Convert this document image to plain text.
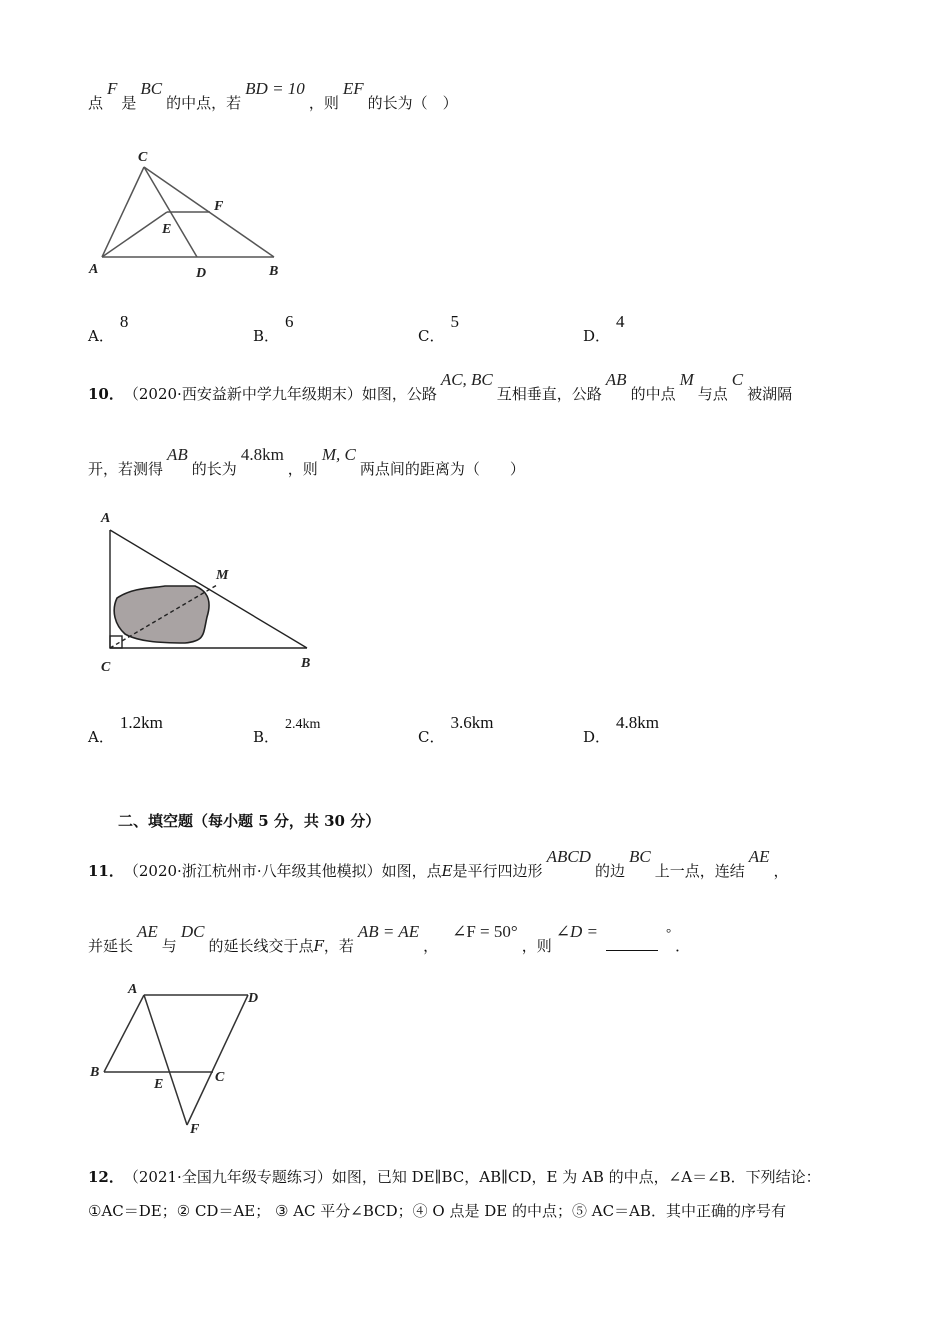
点F是BC的中点，若BD = 10，则EF的长为（　）
C
F
E
A	D	B
A．8
B．6
C．5
D．4
10．（2020·西安益新中学九年级期末）如图，公路AC, BC互相垂直，公路AB的中点M与点C被湖隔
开，若测得AB的长为4.8km，则M, C两点间的距离为（　　）
A
M
C	B
A．1.2km
B．2.4km
C．3.6km
D．4.8km
二、填空题（每小题 5 分，共 30 分）
11．（2020·浙江杭州市·八年级其他模拟）如图，点E是平行四边形ABCD的边BC上一点，连结AE，
并延长AE与DC的延长线交于点F，若AB = AE，∠F = 50°，则∠D =	°．
A
D
B
E	C
F
12．（2021·全国九年级专题练习）如图，已知 DE∥BC，AB∥CD，E 为 AB 的中点，∠A＝∠B．下列结论：
①AC＝DE；② CD＝AE； ③ AC 平分∠BCD；④ O 点是 DE 的中点；⑤ AC＝AB．其中正确的序号有
